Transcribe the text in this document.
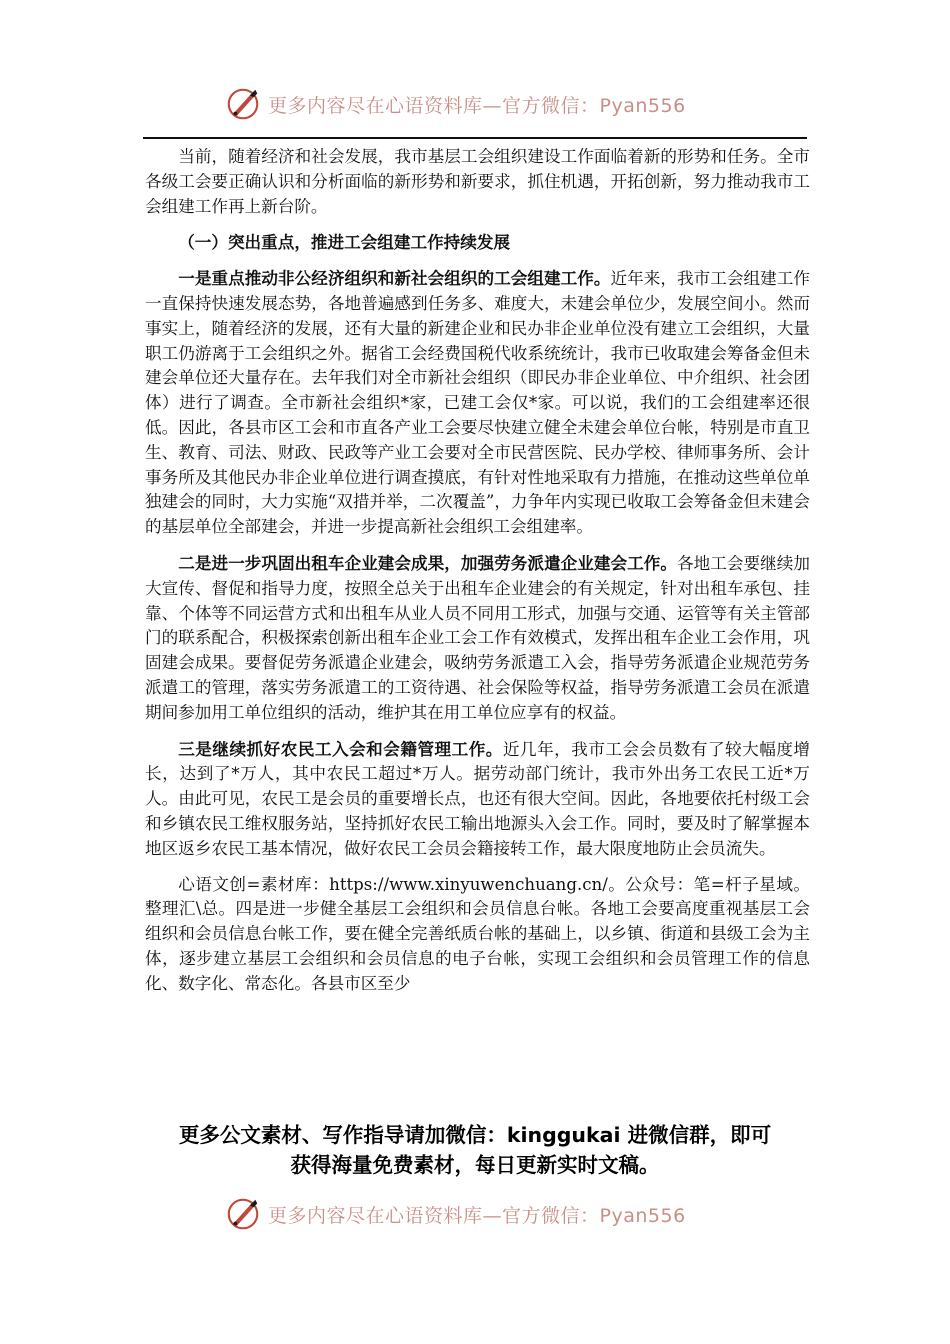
更多内容尽在心语资料库—官方微信：Pyan556

当前，随着经济和社会发展，我市基层工会组织建设工作面临着新的形势和任务。全市各级工会要正确认识和分析面临的新形势和新要求，抓住机遇，开拓创新，努力推动我市工会组建工作再上新台阶。

（一）突出重点，推进工会组建工作持续发展

一是重点推动非公经济组织和新社会组织的工会组建工作。近年来，我市工会组建工作一直保持快速发展态势，各地普遍感到任务多、难度大，未建会单位少，发展空间小。然而事实上，随着经济的发展，还有大量的新建企业和民办非企业单位没有建立工会组织，大量职工仍游离于工会组织之外。据省工会经费国税代收系统统计，我市已收取建会筹备金但未建会单位还大量存在。去年我们对全市新社会组织（即民办非企业单位、中介组织、社会团体）进行了调查。全市新社会组织*家，已建工会仅*家。可以说，我们的工会组建率还很低。因此，各县市区工会和市直各产业工会要尽快建立健全未建会单位台帐，特别是市直卫生、教育、司法、财政、民政等产业工会要对全市民营医院、民办学校、律师事务所、会计事务所及其他民办非企业单位进行调查摸底，有针对性地采取有力措施，在推动这些单位单独建会的同时，大力实施“双措并举，二次覆盖”，力争年内实现已收取工会筹备金但未建会的基层单位全部建会，并进一步提高新社会组织工会组建率。

二是进一步巩固出租车企业建会成果，加强劳务派遣企业建会工作。各地工会要继续加大宣传、督促和指导力度，按照全总关于出租车企业建会的有关规定，针对出租车承包、挂靠、个体等不同运营方式和出租车从业人员不同用工形式，加强与交通、运管等有关主管部门的联系配合，积极探索创新出租车企业工会工作有效模式，发挥出租车企业工会作用，巩固建会成果。要督促劳务派遣企业建会，吸纳劳务派遣工入会，指导劳务派遣企业规范劳务派遣工的管理，落实劳务派遣工的工资待遇、社会保险等权益，指导劳务派遣工会员在派遣期间参加用工单位组织的活动，维护其在用工单位应享有的权益。

三是继续抓好农民工入会和会籍管理工作。近几年，我市工会会员数有了较大幅度增长，达到了*万人，其中农民工超过*万人。据劳动部门统计，我市外出务工农民工近*万人。由此可见，农民工是会员的重要增长点，也还有很大空间。因此，各地要依托村级工会和乡镇农民工维权服务站，坚持抓好农民工输出地源头入会工作。同时，要及时了解掌握本地区返乡农民工基本情况，做好农民工会员会籍接转工作，最大限度地防止会员流失。

心语文创=素材库：https://www.xinyuwenchuang.cn/。公众号：笔=杆子星域。整理汇\总。四是进一步健全基层工会组织和会员信息台帐。各地工会要高度重视基层工会组织和会员信息台帐工作，要在健全完善纸质台帐的基础上，以乡镇、街道和县级工会为主体，逐步建立基层工会组织和会员信息的电子台帐，实现工会组织和会员管理工作的信息化、数字化、常态化。各县市区至少

更多公文素材、写作指导请加微信：kinggukai 进微信群，即可
获得海量免费素材，每日更新实时文稿。
更多内容尽在心语资料库—官方微信：Pyan556
